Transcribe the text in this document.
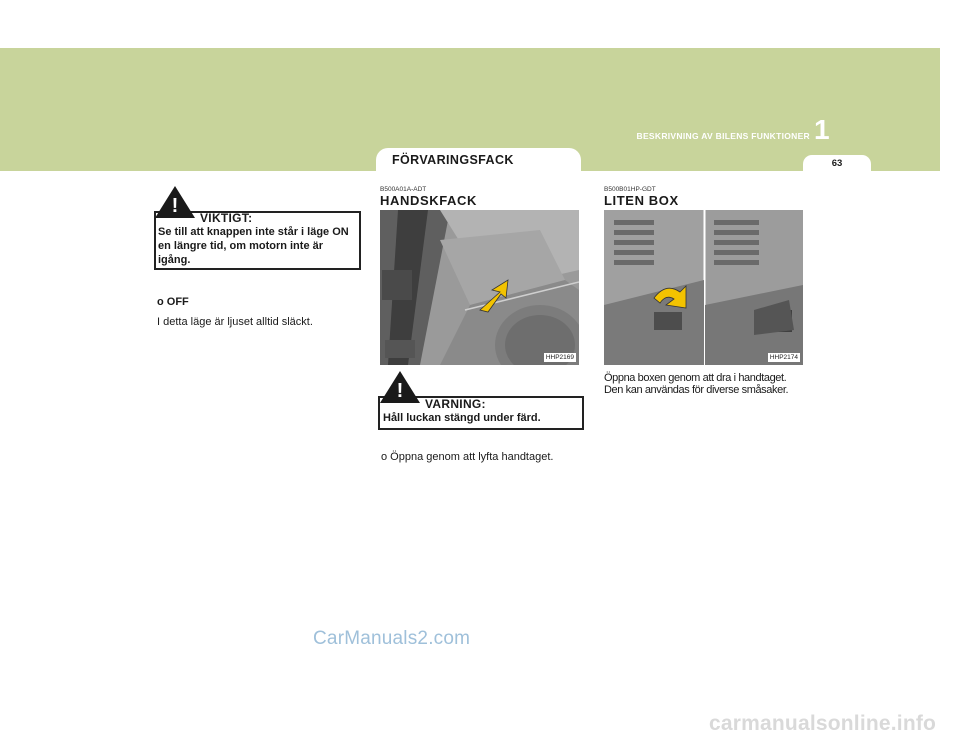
BESKRIVNING AV BILENS FUNKTIONER 1
FÖRVARINGSFACK	63
!
VIKTIGT:
Se till att knappen inte står i läge ON en längre tid, om motorn inte är igång.
o OFF
I detta läge är ljuset alltid släckt.
B500A01A-ADT
HANDSKFACK
HHP2169
!
VARNING:
Håll luckan stängd under färd.
o Öppna genom att lyfta handtaget.
B500B01HP-GDT
LITEN BOX
HHP2174
Öppna boxen genom att dra i handtaget.
Den kan användas för diverse småsaker.
CarManuals2.com
carmanualsonline.info
